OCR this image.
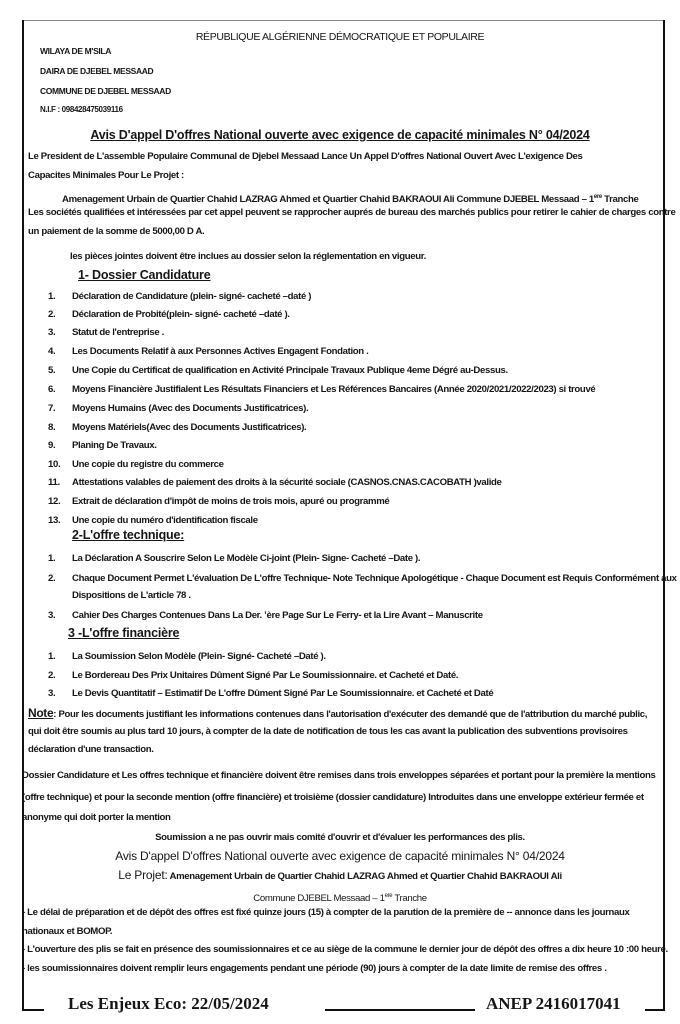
RÉPUBLIQUE ALGÉRIENNE DÉMOCRATIQUE ET POPULAIRE
WILAYA DE M'SILA
DAIRA DE DJEBEL MESSAAD
COMMUNE DE DJEBEL MESSAAD
N.I.F : 098428475039116
Avis D'appel D'offres National ouverte avec exigence de capacité minimales N° 04/2024
Le President de L'assemble Populaire Communal de Djebel Messaad Lance Un Appel D'offres National Ouvert Avec L'exigence Des
Capacites Minimales Pour Le Projet :
Amenagement Urbain de Quartier Chahid LAZRAG Ahmed et Quartier Chahid BAKRAOUI Ali Commune DJEBEL Messaad – 1ere Tranche
Les sociétés qualifiées et intéressées par cet appel peuvent se rapprocher auprés de bureau des marchés publics pour retirer le cahier de charges contre
un paiement de la somme de 5000,00 D A.
les pièces jointes doivent être inclues au dossier selon la réglementation en vigueur.
1- Dossier Candidature
1. Déclaration de Candidature (plein- signé- cacheté –daté )
2. Déclaration de Probité(plein- signé- cacheté –daté ).
3. Statut de l'entreprise .
4. Les Documents Relatif à aux Personnes Actives Engagent Fondation .
5. Une Copie du Certificat de qualification en Activité Principale Travaux Publique 4eme Dégré au-Dessus.
6. Moyens Financière Justifialent Les Résultats Financiers et Les Références Bancaires (Année 2020/2021/2022/2023) si trouvé
7. Moyens Humains (Avec des Documents Justificatrices).
8. Moyens Matériels(Avec des Documents Justificatrices).
9. Planing De Travaux.
10. Une copie du registre du commerce
11. Attestations valables de paiement des droits à la sécurité sociale (CASNOS.CNAS.CACOBATH )valide
12. Extrait de déclaration d'impôt de moins de trois mois, apuré ou programmé
13. Une copie du numéro d'identification fiscale
2-L'offre technique:
1. La Déclaration A Souscrire Selon Le Modèle Ci-joint (Plein- Signe- Cacheté –Date ).
2. Chaque Document Permet L'évaluation De L'offre Technique- Note Technique Apologétique - Chaque Document est Requis Conformément aux
Dispositions de L'article 78 .
3. Cahier Des Charges Contenues Dans La Der. ’ère Page Sur Le Ferry- et la Lire Avant – Manuscrite
3 -L'offre financière
1. La Soumission Selon Modèle (Plein- Signé- Cacheté –Daté ).
2. Le Bordereau Des Prix Unitaires Dûment Signé Par Le Soumissionnaire. et Cacheté et Daté.
3. Le Devis Quantitatif – Estimatif De L'offre Dûment Signé Par Le Soumissionnaire. et Cacheté et Daté
Note: Pour les documents justifiant les informations contenues dans l'autorisation d'exécuter des demandé que de l'attribution du marché public,
qui doit être soumis au plus tard 10 jours, à compter de la date de notification de tous les cas avant la publication des subventions provisoires
déclaration d'une transaction.
Dossier Candidature et Les offres technique et financière doivent être remises dans trois enveloppes séparées et portant pour la première la mentions
(offre technique) et pour la seconde mention (offre financière) et troisième (dossier candidature) Introduites dans une enveloppe extérieur fermée et
anonyme qui doit porter la mention
Soumission a ne pas ouvrir mais comité d'ouvrir et d'évaluer les performances des plis.
Avis D'appel D'offres National ouverte avec exigence de capacité minimales N° 04/2024
Le Projet: Amenagement Urbain de Quartier Chahid LAZRAG Ahmed et Quartier Chahid BAKRAOUI Ali
Commune DJEBEL Messaad – 1ere Tranche
- Le délai de préparation et de dépôt des offres est fixé quinze jours (15) à compter de la parution de la première de -- annonce dans les journaux
nationaux et BOMOP.
- L'ouverture des plis se fait en présence des soumissionnaires et ce au siège de la commune le dernier jour de dépôt des offres a dix heure 10 :00 heure.
- les soumissionnaires doivent remplir leurs engagements pendant une période (90) jours à compter de la date limite de remise des offres .
Les Enjeux Eco: 22/05/2024	ANEP 2416017041
